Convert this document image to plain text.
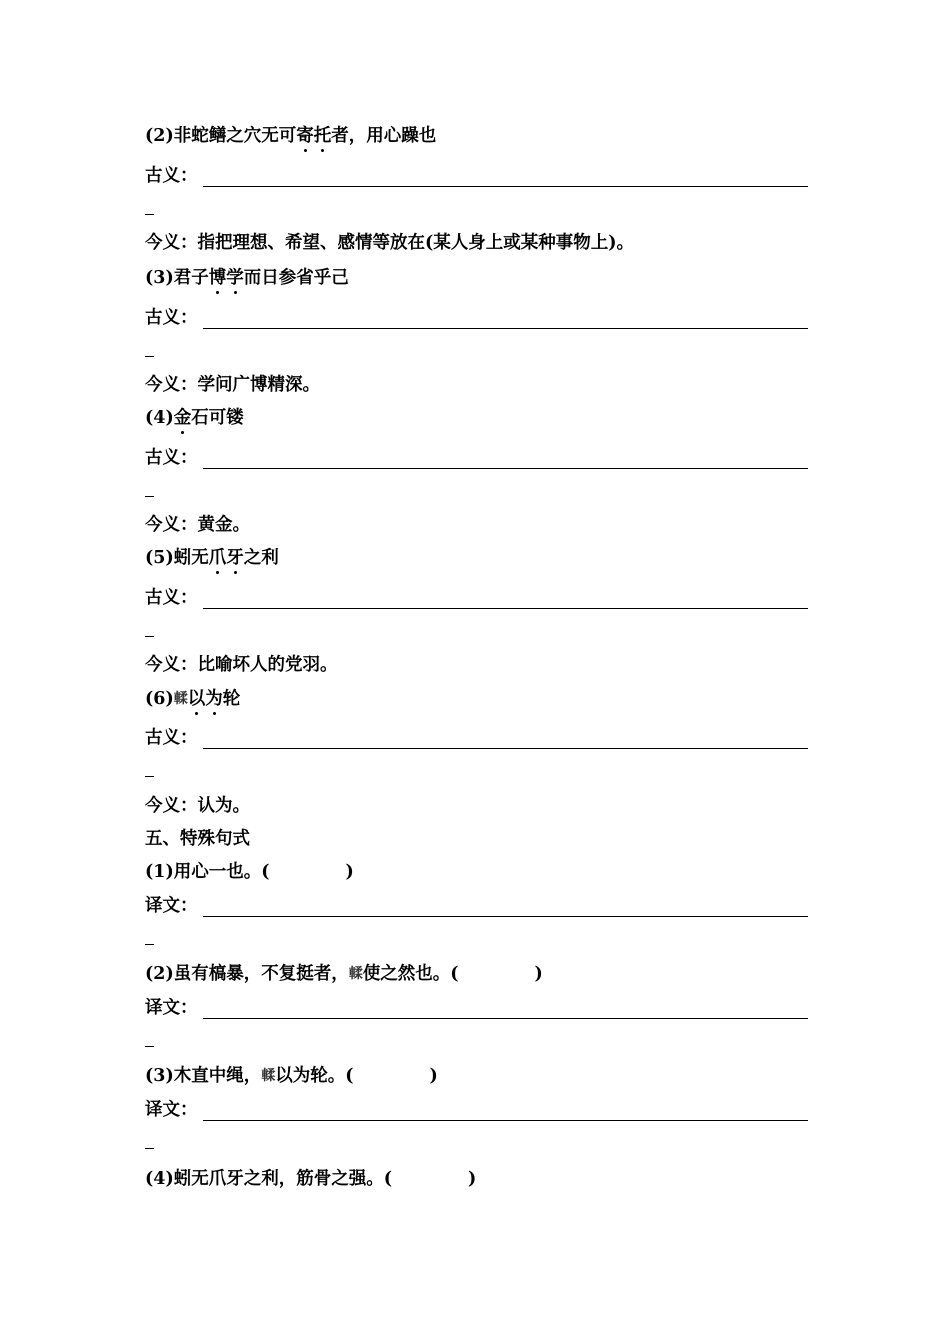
(2)非蛇鳝之穴无可寄托者，用心躁也
古义：
今义：指把理想、希望、感情等放在(某人身上或某种事物上)。
(3)君子博学而日参省乎己
古义：
今义：学问广博精深。
(4)金石可镂
古义：
今义：黄金。
(5)蚓无爪牙之利
古义：
今义：比喻坏人的党羽。
(6)輮以为轮
古义：
今义：认为。
五、特殊句式
(1)用心一也。(	)
译文：
(2)虽有槁暴，不复挺者，輮使之然也。(	)
译文：
(3)木直中绳，輮以为轮。(	)
译文：
(4)蚓无爪牙之利，筋骨之强。(	)
